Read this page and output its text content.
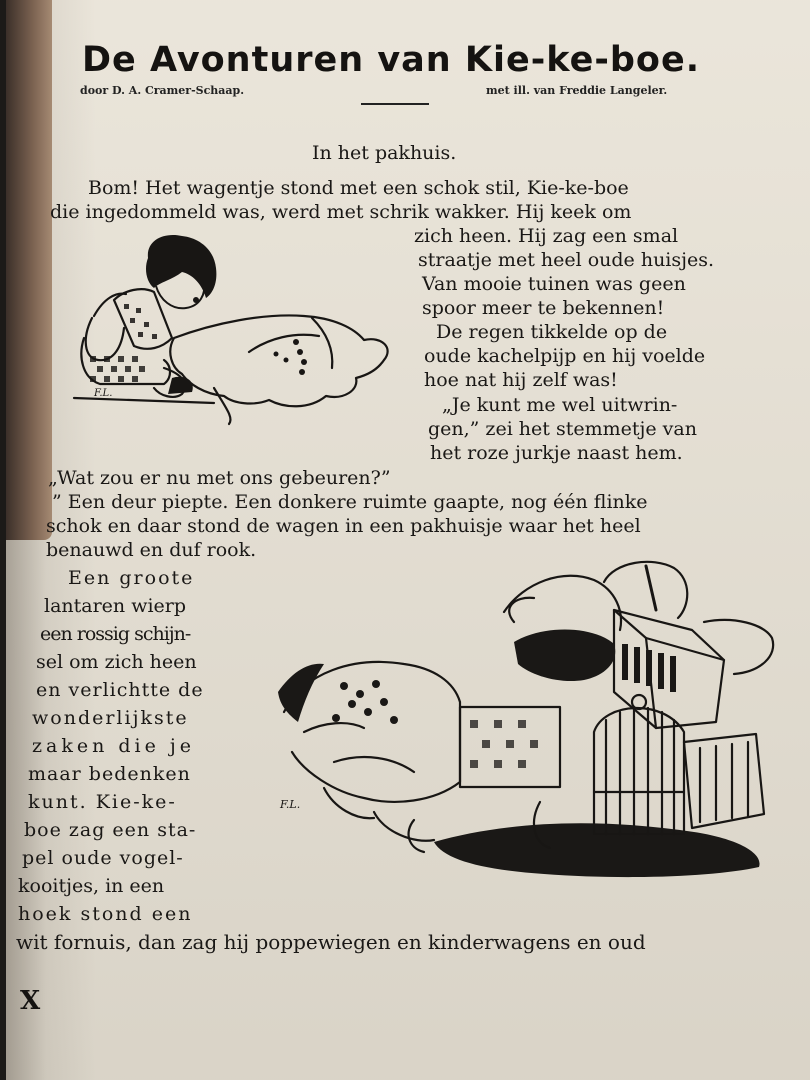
De Avonturen van Kie-ke-boe.
door D. A. Cramer-Schaap.	met ill. van Freddie Langeler.
In het pakhuis.
Bom! Het wagentje stond met een schok stil, Kie-ke-boe
die ingedommeld was, werd met schrik wakker. Hij keek om
zich heen. Hij zag een smal
straatje met heel oude huisjes.
Van mooie tuinen was geen
spoor meer te bekennen!
De regen tikkelde op de
oude kachelpijp en hij voelde
hoe nat hij zelf was!
„Je kunt me wel uitwrin-
gen,” zei het stemmetje van
het roze jurkje naast hem.
„Wat zou er nu met ons gebeuren?”
” Een deur piepte. Een donkere ruimte gaapte, nog één flinke
schok en daar stond de wagen in een pakhuisje waar het heel
benauwd en duf rook.
Een groote
lantaren wierp
een rossig schijn-
sel om zich heen
en verlichtte de
wonderlijkste
zaken die je
maar bedenken
kunt. Kie-ke-
boe zag een sta-
pel oude vogel-
kooitjes, in een
hoek stond een
wit fornuis, dan zag hij poppewiegen en kinderwagens en oud
F.L.
F.L.
X
